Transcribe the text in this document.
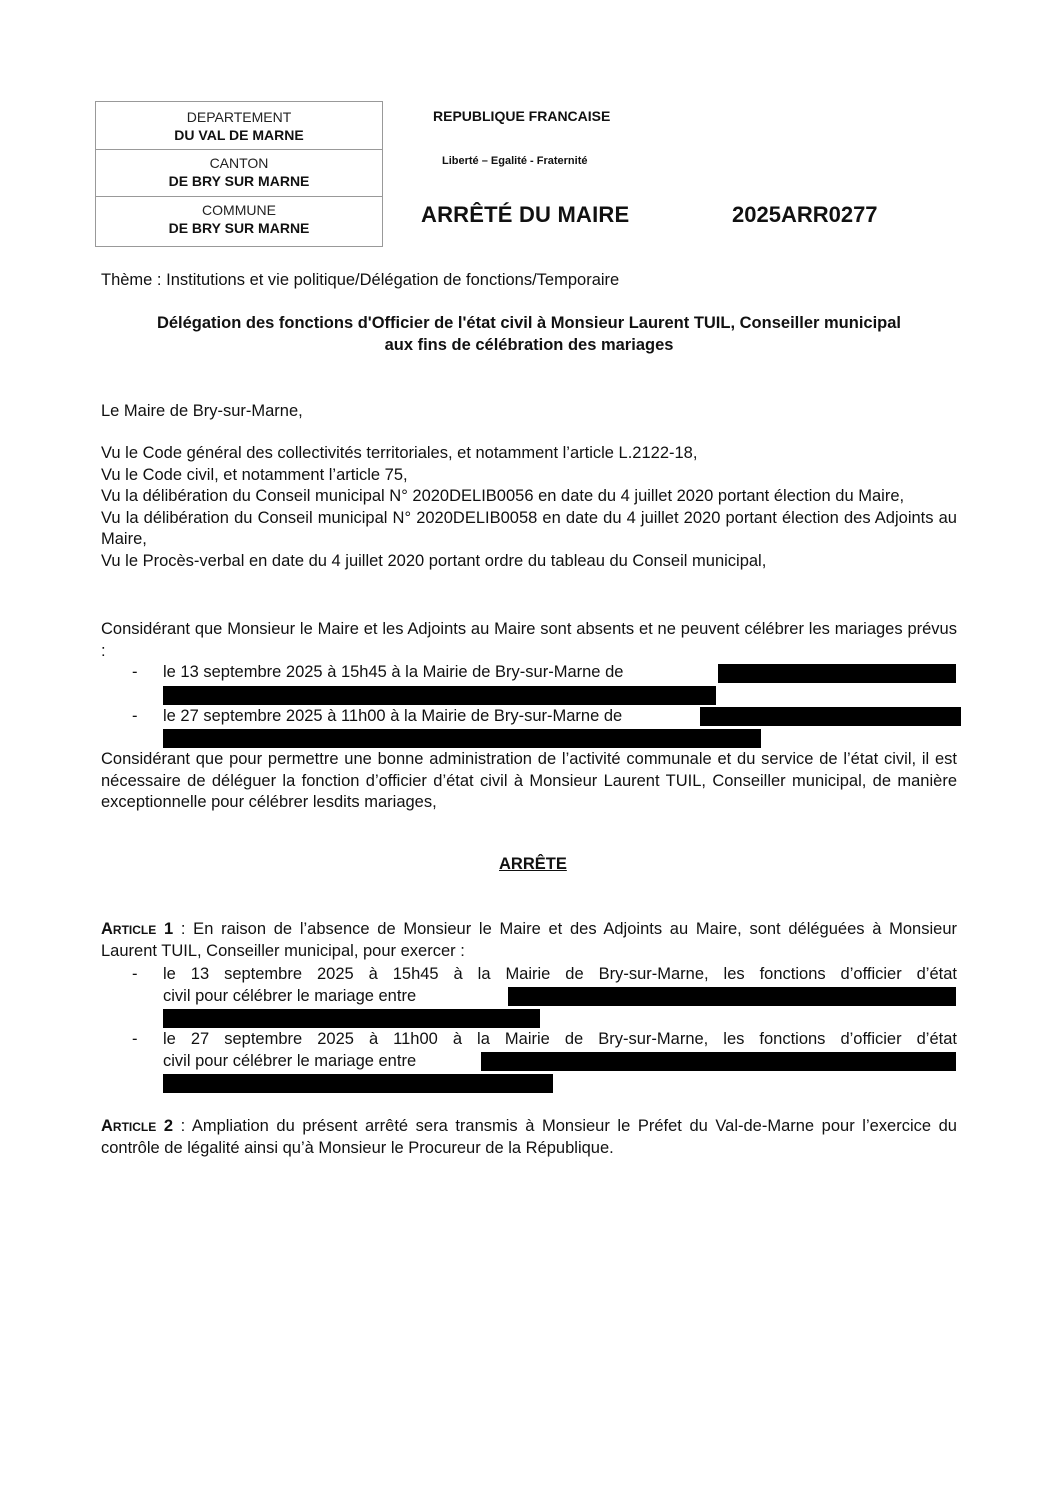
DEPARTEMENT
DU VAL DE MARNE
CANTON
DE BRY SUR MARNE
COMMUNE
DE BRY SUR MARNE
REPUBLIQUE FRANCAISE
Liberté – Egalité - Fraternité
ARRÊTÉ DU MAIRE	2025ARR0277
Thème : Institutions et vie politique/Délégation de fonctions/Temporaire
Délégation des fonctions d'Officier de l'état civil à Monsieur Laurent TUIL, Conseiller municipal
aux fins de célébration des mariages
Le Maire de Bry-sur-Marne,

Vu le Code général des collectivités territoriales, et notamment l’article L.2122-18,

Vu le Code civil, et notamment l’article 75,

Vu la délibération du Conseil municipal N° 2020DELIB0056 en date du 4 juillet 2020 portant élection du Maire,

Vu la délibération du Conseil municipal N° 2020DELIB0058 en date du 4 juillet 2020 portant élection des Adjoints au Maire,

Vu le Procès-verbal en date du 4 juillet 2020 portant ordre du tableau du Conseil municipal,

Considérant que Monsieur le Maire et les Adjoints au Maire sont absents et ne peuvent célébrer les mariages prévus :
- le 13 septembre 2025 à 15h45 à la Mairie de Bry-sur-Marne de
- le 27 septembre 2025 à 11h00 à la Mairie de Bry-sur-Marne de
Considérant que pour permettre une bonne administration de l’activité communale et du service de l’état civil, il est nécessaire de déléguer la fonction d’officier d’état civil à Monsieur Laurent TUIL, Conseiller municipal, de manière exceptionnelle pour célébrer lesdits mariages,
ARRÊTE
Article 1 : En raison de l’absence de Monsieur le Maire et des Adjoints au Maire, sont déléguées à Monsieur Laurent TUIL, Conseiller municipal, pour exercer :
- le 13 septembre 2025 à 15h45 à la Mairie de Bry-sur-Marne, les fonctions d’officier d’état
civil pour célébrer le mariage entre
- le 27 septembre 2025 à 11h00 à la Mairie de Bry-sur-Marne, les fonctions d’officier d’état
civil pour célébrer le mariage entre
Article 2 : Ampliation du présent arrêté sera transmis à Monsieur le Préfet du Val-de-Marne pour l’exercice du contrôle de légalité ainsi qu’à Monsieur le Procureur de la République.
